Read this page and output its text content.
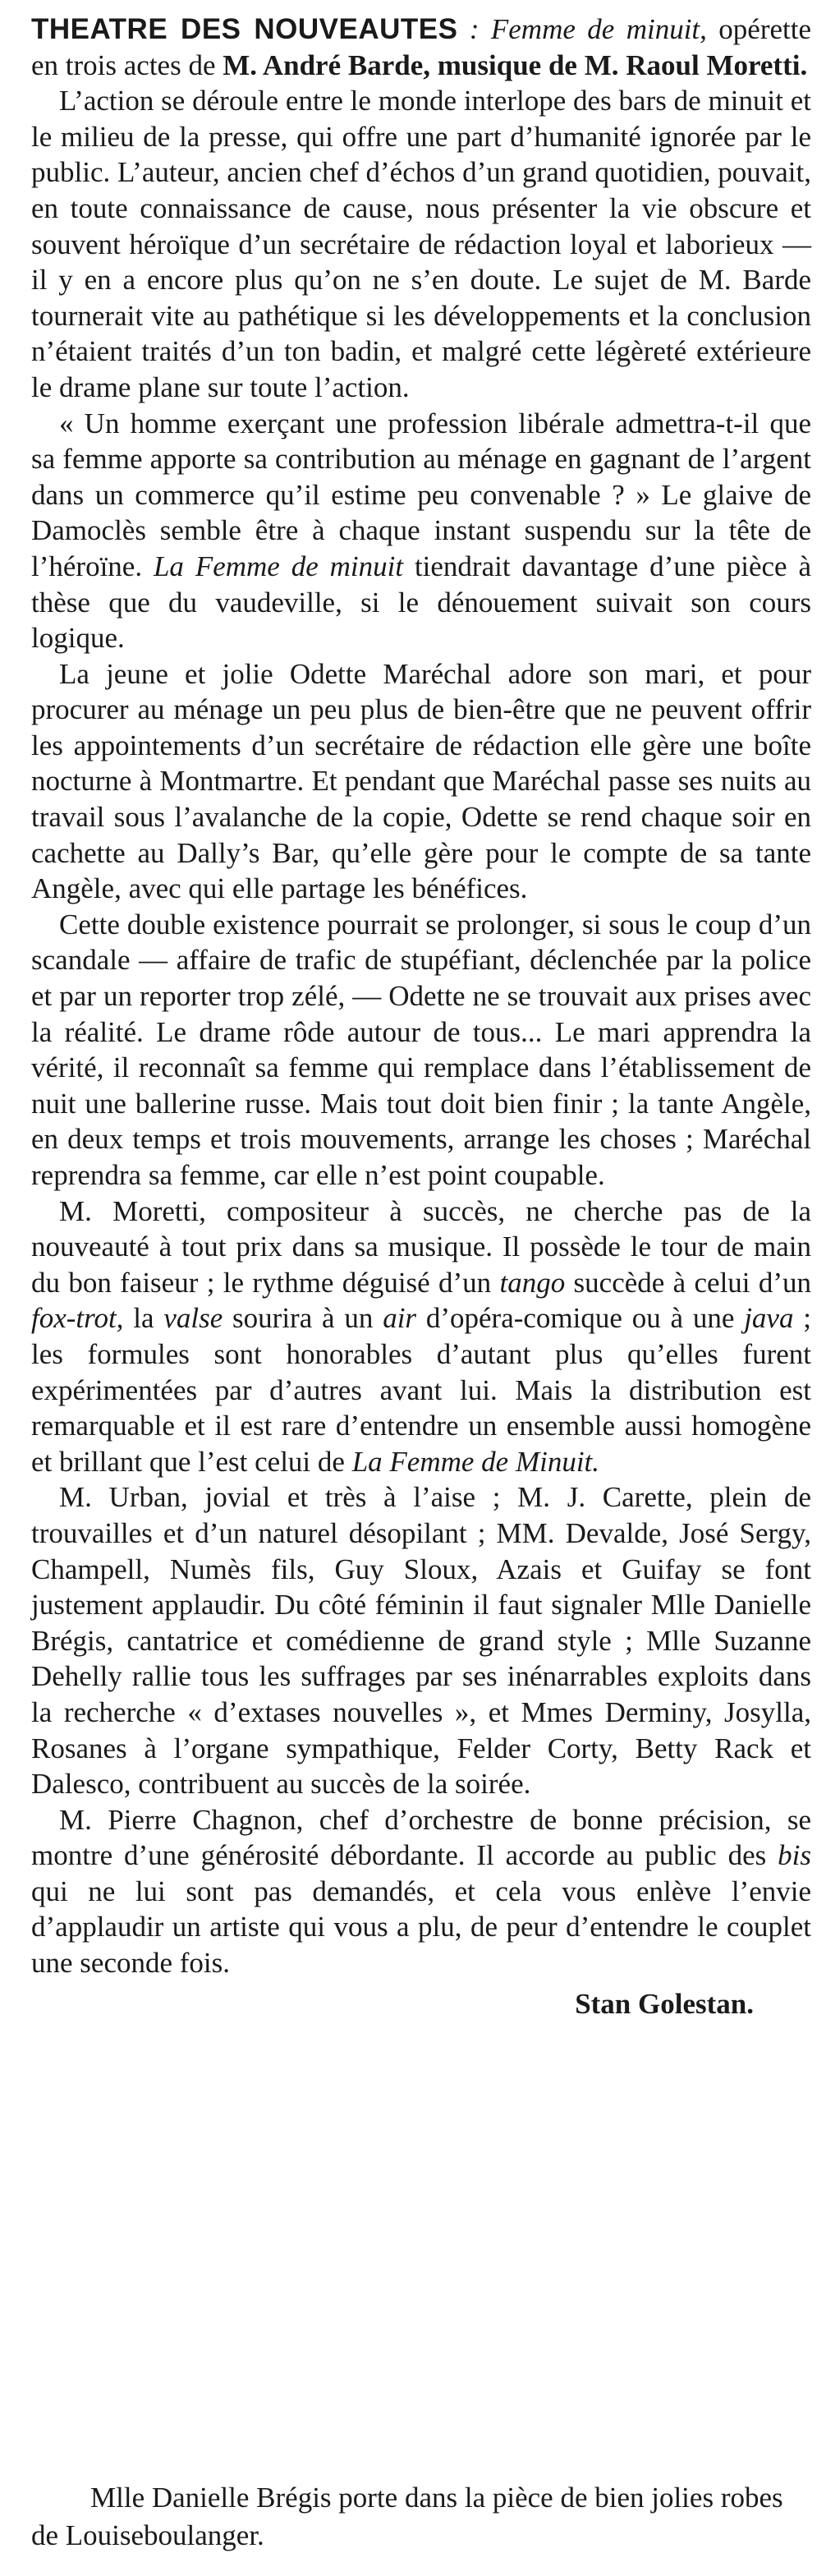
THEATRE DES NOUVEAUTES : Femme de minuit, opérette en trois actes de M. André Barde, musique de M. Raoul Moretti.

L’action se déroule entre le monde interlope des bars de minuit et le milieu de la presse, qui offre une part d’humanité ignorée par le public. L’auteur, ancien chef d’échos d’un grand quotidien, pouvait, en toute connaissance de cause, nous présenter la vie obscure et souvent héroïque d’un secrétaire de rédaction loyal et laborieux — il y en a encore plus qu’on ne s’en doute. Le sujet de M. Barde tournerait vite au pathétique si les développements et la conclusion n’étaient traités d’un ton badin, et malgré cette légèreté extérieure le drame plane sur toute l’action.

« Un homme exerçant une profession libérale admettra-t-il que sa femme apporte sa contribution au ménage en gagnant de l’argent dans un commerce qu’il estime peu convenable ? » Le glaive de Damoclès semble être à chaque instant suspendu sur la tête de l’héroïne. La Femme de minuit tiendrait davantage d’une pièce à thèse que du vaudeville, si le dénouement suivait son cours logique.

La jeune et jolie Odette Maréchal adore son mari, et pour procurer au ménage un peu plus de bien-être que ne peuvent offrir les appointements d’un secrétaire de rédaction elle gère une boîte nocturne à Montmartre. Et pendant que Maréchal passe ses nuits au travail sous l’avalanche de la copie, Odette se rend chaque soir en cachette au Dally’s Bar, qu’elle gère pour le compte de sa tante Angèle, avec qui elle partage les bénéfices.

Cette double existence pourrait se prolonger, si sous le coup d’un scandale — affaire de trafic de stupéfiant, déclenchée par la police et par un reporter trop zélé, — Odette ne se trouvait aux prises avec la réalité. Le drame rôde autour de tous... Le mari apprendra la vérité, il reconnaît sa femme qui remplace dans l’établissement de nuit une ballerine russe. Mais tout doit bien finir ; la tante Angèle, en deux temps et trois mouvements, arrange les choses ; Maréchal reprendra sa femme, car elle n’est point coupable.

M. Moretti, compositeur à succès, ne cherche pas de la nouveauté à tout prix dans sa musique. Il possède le tour de main du bon faiseur ; le rythme déguisé d’un tango succède à celui d’un fox-trot, la valse sourira à un air d’opéra-comique ou à une java ; les formules sont honorables d’autant plus qu’elles furent expérimentées par d’autres avant lui. Mais la distribution est remarquable et il est rare d’entendre un ensemble aussi homogène et brillant que l’est celui de La Femme de Minuit.

M. Urban, jovial et très à l’aise ; M. J. Carette, plein de trouvailles et d’un naturel désopilant ; MM. Devalde, José Sergy, Champell, Numès fils, Guy Sloux, Azais et Guifay se font justement applaudir. Du côté féminin il faut signaler Mlle Danielle Brégis, cantatrice et comédienne de grand style ; Mlle Suzanne Dehelly rallie tous les suffrages par ses inénarrables exploits dans la recherche « d’extases nouvelles », et Mmes Derminy, Josylla, Rosanes à l’organe sympathique, Felder Corty, Betty Rack et Dalesco, contribuent au succès de la soirée.

M. Pierre Chagnon, chef d’orchestre de bonne précision, se montre d’une générosité débordante. Il accorde au public des bis qui ne lui sont pas demandés, et cela vous enlève l’envie d’applaudir un artiste qui vous a plu, de peur d’entendre le couplet une seconde fois.

Stan Golestan.

Mlle Danielle Brégis porte dans la pièce de bien jolies robes de Louiseboulanger.
